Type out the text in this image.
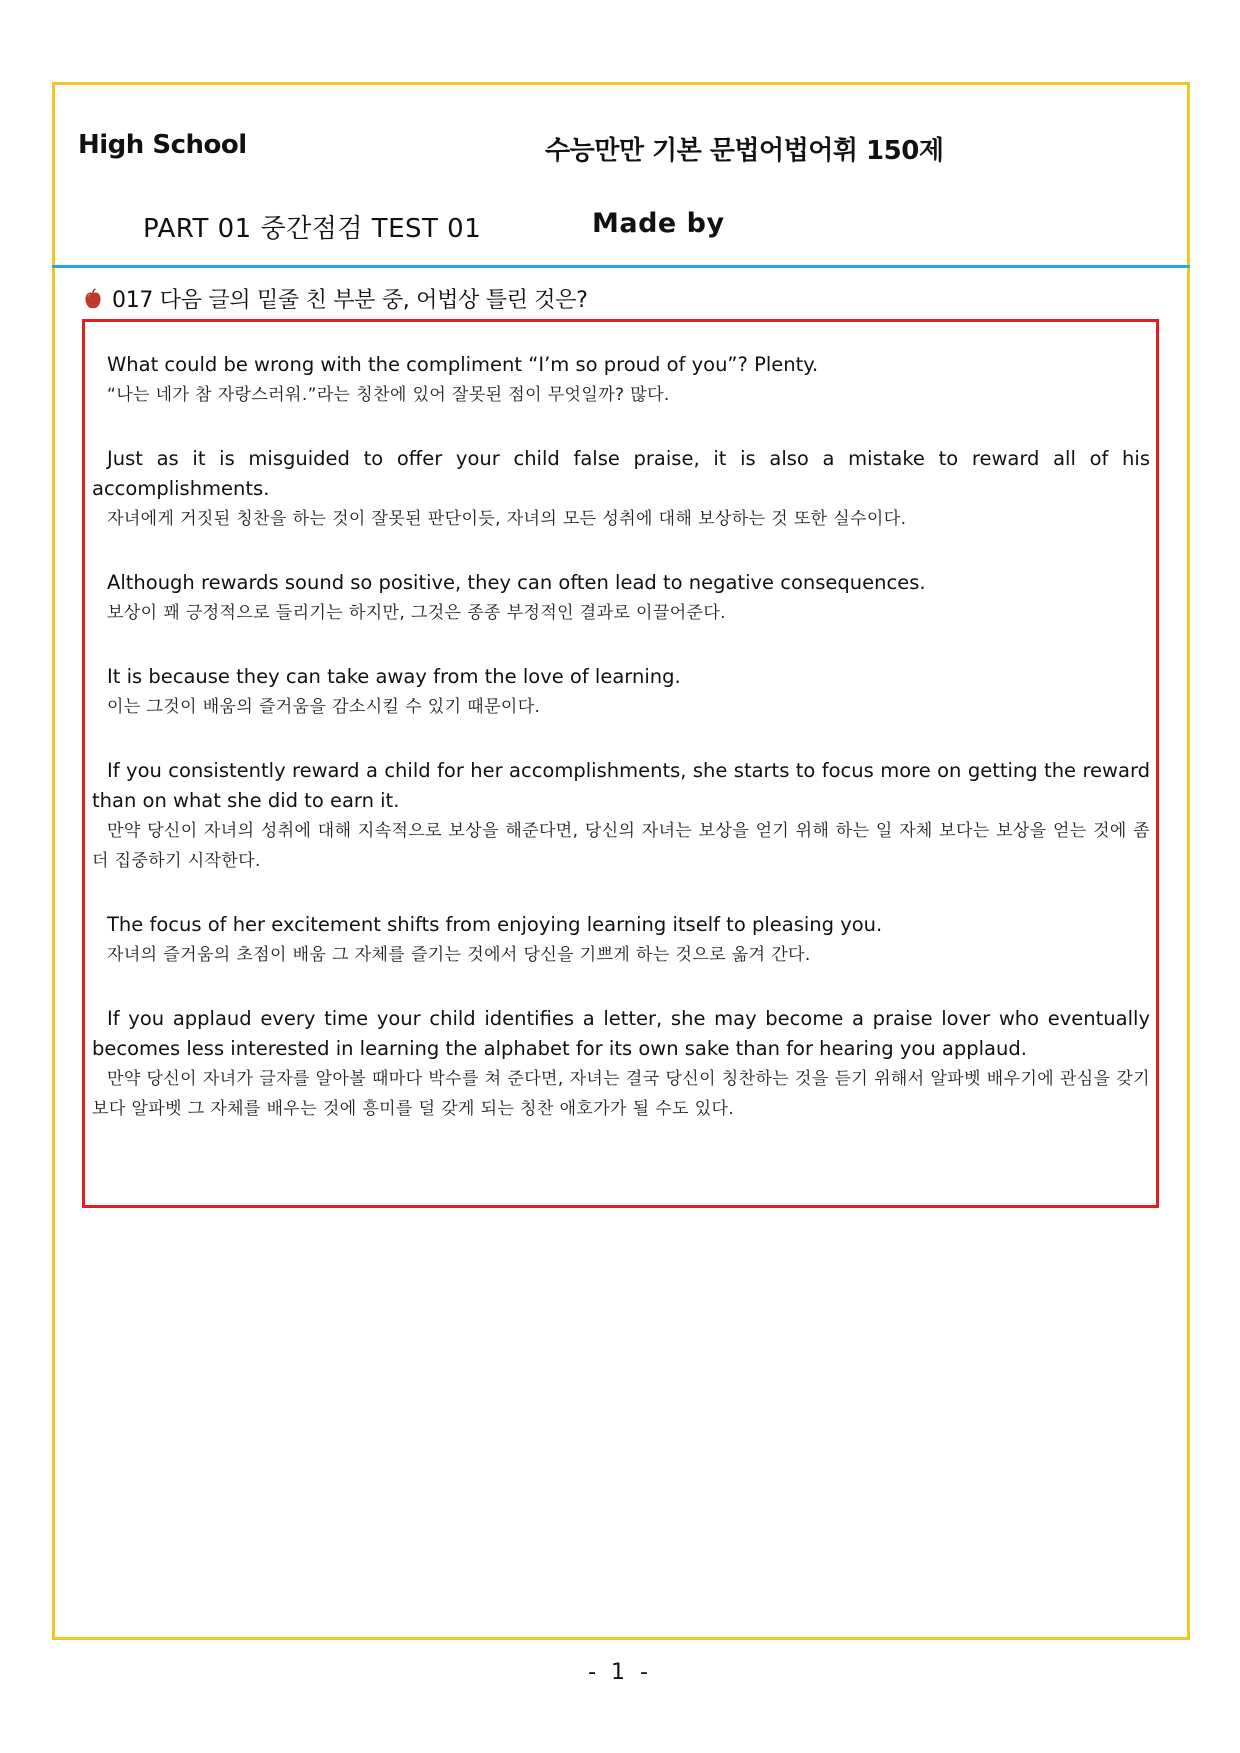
High School	수능만만 기본 문법어법어휘 150제
PART 01 중간점검 TEST 01	Made by
017 다음 글의 밑줄 친 부분 중, 어법상 틀린 것은?
What could be wrong with the compliment “I’m so proud of you”? Plenty.
“나는 네가 참 자랑스러워.”라는 칭찬에 있어 잘못된 점이 무엇일까? 많다.
Just as it is misguided to offer your child false praise, it is also a mistake to reward all of his accomplishments.
자녀에게 거짓된 칭찬을 하는 것이 잘못된 판단이듯, 자녀의 모든 성취에 대해 보상하는 것 또한 실수이다.
Although rewards sound so positive, they can often lead to negative consequences.
보상이 꽤 긍정적으로 들리기는 하지만, 그것은 종종 부정적인 결과로 이끌어준다.
It is because they can take away from the love of learning.
이는 그것이 배움의 즐거움을 감소시킬 수 있기 때문이다.
If you consistently reward a child for her accomplishments, she starts to focus more on getting the reward than on what she did to earn it.
만약 당신이 자녀의 성취에 대해 지속적으로 보상을 해준다면, 당신의 자녀는 보상을 얻기 위해 하는 일 자체 보다는 보상을 얻는 것에 좀 더 집중하기 시작한다.
The focus of her excitement shifts from enjoying learning itself to pleasing you.
자녀의 즐거움의 초점이 배움 그 자체를 즐기는 것에서 당신을 기쁘게 하는 것으로 옮겨 간다.
If you applaud every time your child identifies a letter, she may become a praise lover who eventually becomes less interested in learning the alphabet for its own sake than for hearing you applaud.
만약 당신이 자녀가 글자를 알아볼 때마다 박수를 쳐 준다면, 자녀는 결국 당신이 칭찬하는 것을 듣기 위해서 알파벳 배우기에 관심을 갖기보다 알파벳 그 자체를 배우는 것에 흥미를 덜 갖게 되는 칭찬 애호가가 될 수도 있다.
- 1 -
